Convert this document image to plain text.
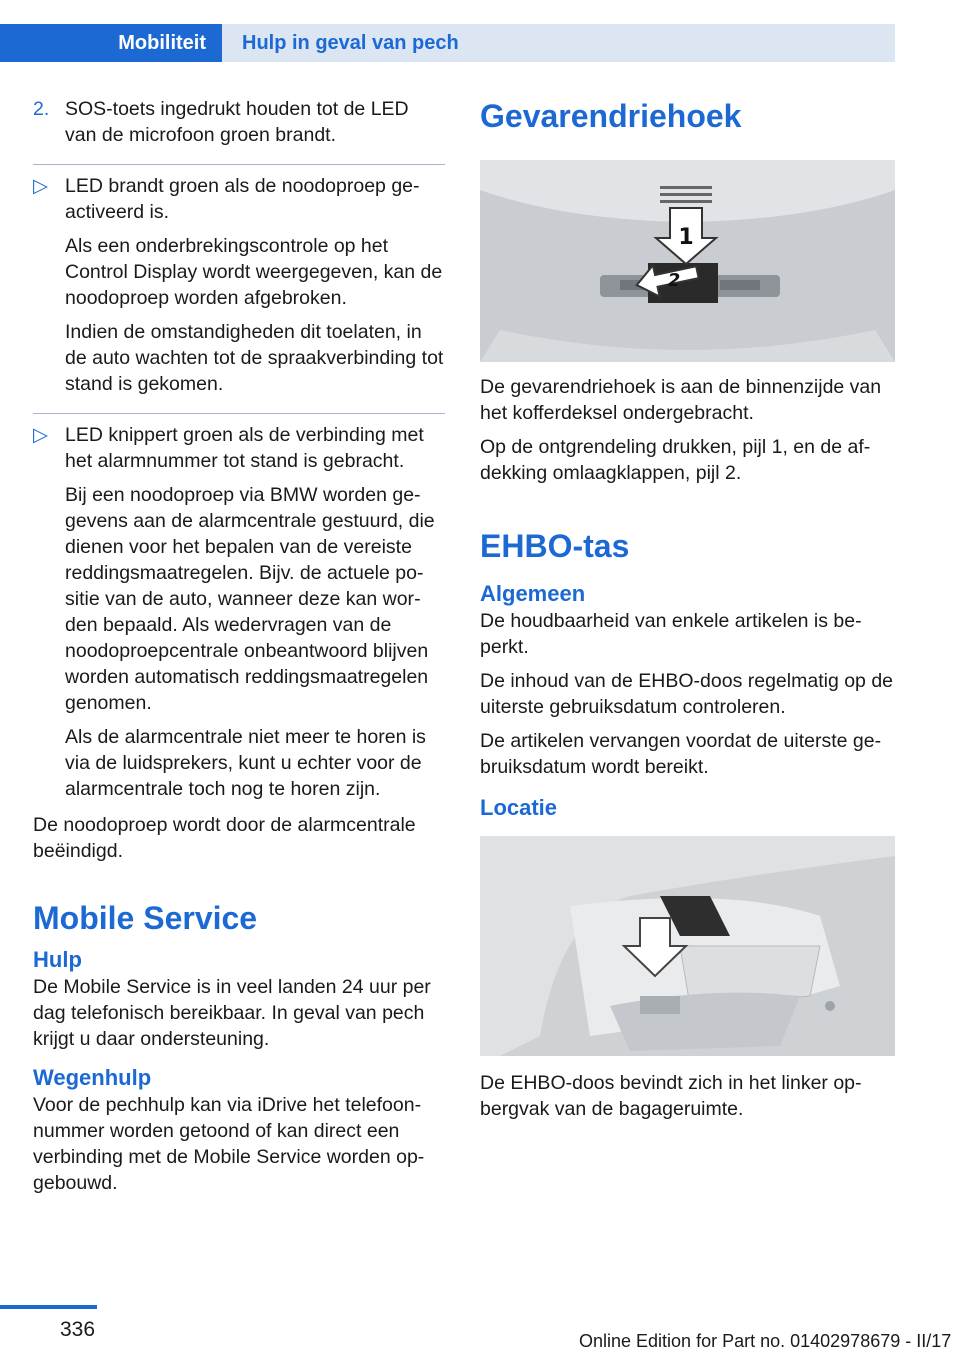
Mobiliteit	Hulp in geval van pech
2. SOS-toets ingedrukt houden tot de LED van de microfoon groen brandt.

▷ LED brandt groen als de noodoproep geactiveerd is.

Als een onderbrekingscontrole op het Control Display wordt weergegeven, kan de noodoproep worden afgebroken.

Indien de omstandigheden dit toelaten, in de auto wachten tot de spraakverbinding tot stand is gekomen.

▷ LED knippert groen als de verbinding met het alarmnummer tot stand is gebracht.

Bij een noodoproep via BMW worden gegevens aan de alarmcentrale gestuurd, die dienen voor het bepalen van de vereiste reddingsmaatregelen. Bijv. de actuele positie van de auto, wanneer deze kan worden bepaald. Als wedervragen van de noodoproepcentrale onbeantwoord blijven worden automatisch reddingsmaatregelen genomen.

Als de alarmcentrale niet meer te horen is via de luidsprekers, kunt u echter voor de alarmcentrale toch nog te horen zijn.

De noodoproep wordt door de alarmcentrale beëindigd.

Mobile Service
Hulp

De Mobile Service is in veel landen 24 uur per dag telefonisch bereikbaar. In geval van pech krijgt u daar ondersteuning.

Wegenhulp

Voor de pechhulp kan via iDrive het telefoonnummer worden getoond of kan direct een verbinding met de Mobile Service worden opgebouwd.

Gevarendriehoek
1
2

De gevarendriehoek is aan de binnenzijde van het kofferdeksel ondergebracht.

Op de ontgrendeling drukken, pijl 1, en de afdekking omlaagklappen, pijl 2.

EHBO-tas
Algemeen

De houdbaarheid van enkele artikelen is beperkt.

De inhoud van de EHBO-doos regelmatig op de uiterste gebruiksdatum controleren.

De artikelen vervangen voordat de uiterste gebruiksdatum wordt bereikt.

Locatie

De EHBO-doos bevindt zich in het linker opbergvak van de bagageruimte.

336	Online Edition for Part no. 01402978679 - II/17
